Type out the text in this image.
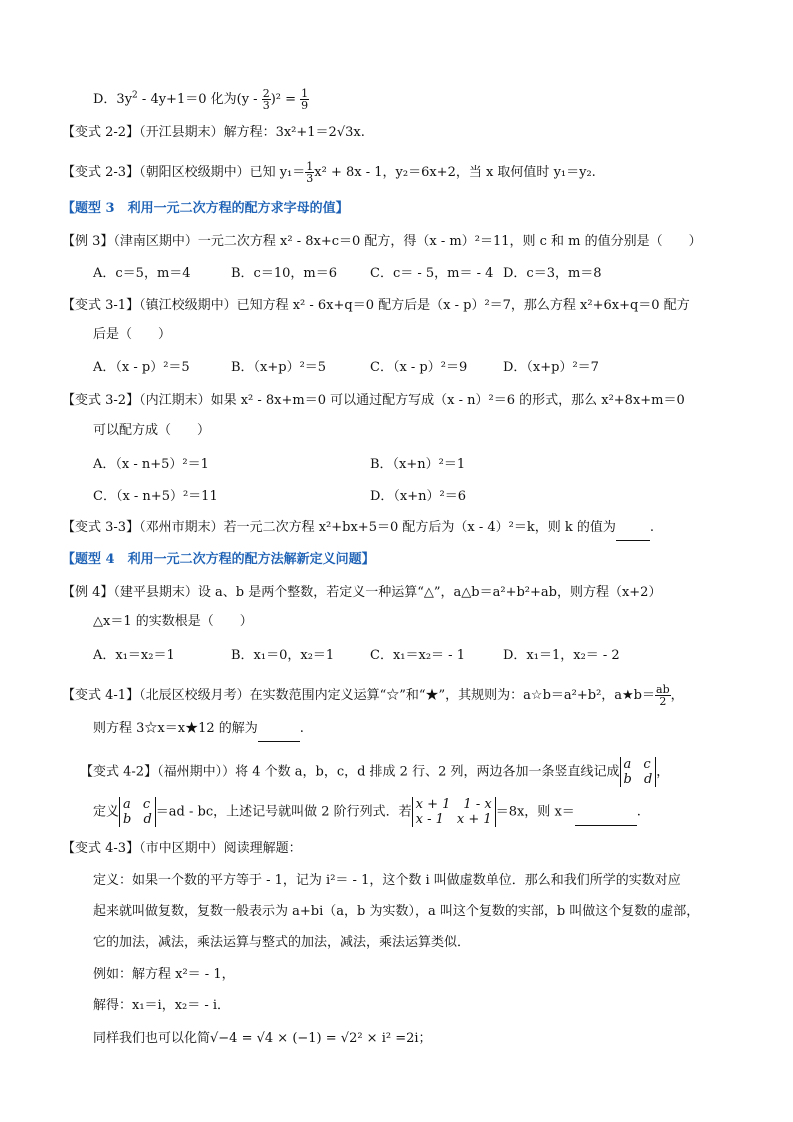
D．$3y^2 - 4y+1=0$ 化为$(y - \frac{2}{3} )^2 = \frac{1}{9}$
【变式 2-2】（开江县期末）解方程：3x²+1＝2√3x.
【变式 2-3】（朝阳区校级期中）已知 $y_1= \frac{1}{3} x^2 + 8x - 1$，y₂＝6x+2，当 x 取何值时 y₁＝y₂.
【题型 3　利用一元二次方程的配方求字母的值】
【例 3】（津南区期中）一元二次方程 x² - 8x+c＝0 配方，得（x - m）²＝11，则 c 和 m 的值分别是（　　）
A．c＝5，m＝4	B．c＝10，m＝6	C．c＝ - 5，m＝ - 4 D．c＝3，m＝8
【变式 3-1】（镇江校级期中）已知方程 x² - 6x+q＝0 配方后是（x - p）²＝7，那么方程 x²+6x+q＝0 配方
后是（　　）
A．（x - p）²＝5	B．（x+p）²＝5	C．（x - p）²＝9	D．（x+p）²＝7
【变式 3-2】（内江期末）如果 x² - 8x+m＝0 可以通过配方写成（x - n）²＝6 的形式，那么 x²+8x+m＝0
可以配方成（　　）
A．（x - n+5）²＝1	B．（x+n）²＝1
C．（x - n+5）²＝11	D．（x+n）²＝6
【变式 3-3】（邓州市期末）若一元二次方程 x²+bx+5＝0 配方后为（x - 4）²＝k，则 k 的值为	.
【题型 4　利用一元二次方程的配方法解新定义问题】
【例 4】（建平县期末）设 a、b 是两个整数，若定义一种运算“△”，a△b＝a²+b²+ab，则方程（x+2）
△x＝1 的实数根是（　　）
A．x₁＝x₂＝1	B．x₁＝0，x₂＝1	C．x₁＝x₂＝ - 1	D．x₁＝1，x₂＝ - 2
【变式 4-1】（北辰区校级月考）在实数范围内定义运算“☆”和“★”，其规则为：a☆b＝a²+b²，a★b＝ $\frac{ab}{2}$ ，
则方程 3☆x＝x★12 的解为	.
【变式 4-2】（福州期中））将 4 个数 a，b，c，d 排成 2 行、2 列，两边各加一条竖直线记成 a c
b d ，
定义 a c
b d ＝ad - bc，上述记号就叫做 2 阶行列式．若 x + 1　1 - x
x - 1　x + 1 ＝8x，则 x＝	.
【变式 4-3】（市中区期中）阅读理解题：
定义：如果一个数的平方等于 - 1，记为 i²＝ - 1，这个数 i 叫做虚数单位．那么和我们所学的实数对应
起来就叫做复数，复数一般表示为 a+bi（a，b 为实数），a 叫这个复数的实部，b 叫做这个复数的虚部，
它的加法，减法，乘法运算与整式的加法，减法，乘法运算类似．
例如：解方程 x²＝ - 1，
解得：x₁＝i，x₂＝ - i．
同样我们也可以化简√−4 = √4 × (−1) = √2² × i² =2i；
